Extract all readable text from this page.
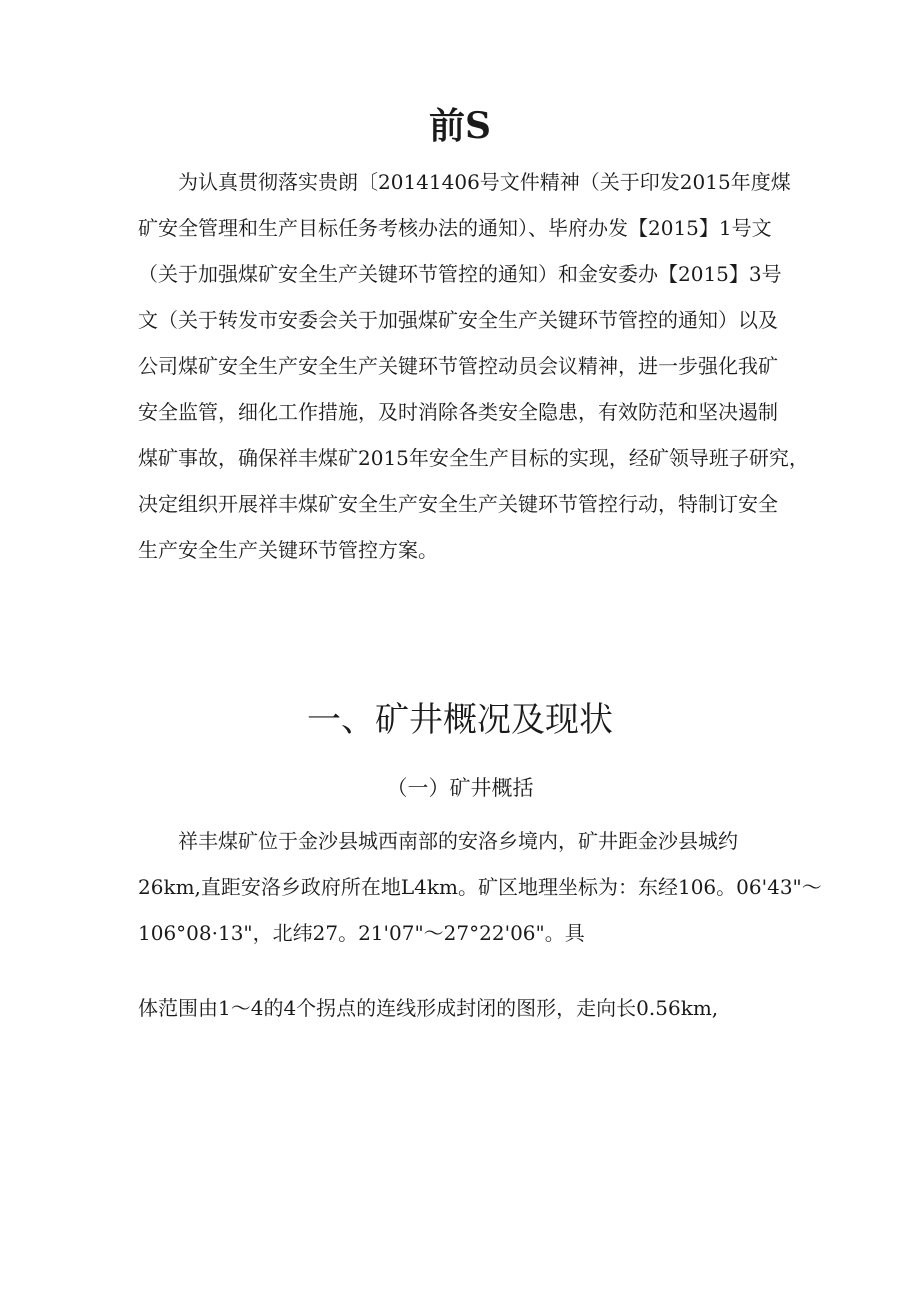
前S
　　为认真贯彻落实贵朗〔20141406号文件精神（关于印发2015年度煤
矿安全管理和生产目标任务考核办法的通知）、毕府办发【2015】1号文
（关于加强煤矿安全生产关键环节管控的通知）和金安委办【2015】3号
文（关于转发市安委会关于加强煤矿安全生产关键环节管控的通知）以及
公司煤矿安全生产安全生产关键环节管控动员会议精神，进一步强化我矿
安全监管，细化工作措施，及时消除各类安全隐患，有效防范和坚决遏制
煤矿事故，确保祥丰煤矿2015年安全生产目标的实现，经矿领导班子研究，
决定组织开展祥丰煤矿安全生产安全生产关键环节管控行动，特制订安全
生产安全生产关键环节管控方案。
一、矿井概况及现状
（一）矿井概括
　　祥丰煤矿位于金沙县城西南部的安洛乡境内，矿井距金沙县城约
26km,直距安洛乡政府所在地L4km。矿区地理坐标为：东经106。06'43"～
106°08·13"，北纬27。21'07"～27°22'06"。具
体范围由1～4的4个拐点的连线形成封闭的图形，走向长0.56km,
